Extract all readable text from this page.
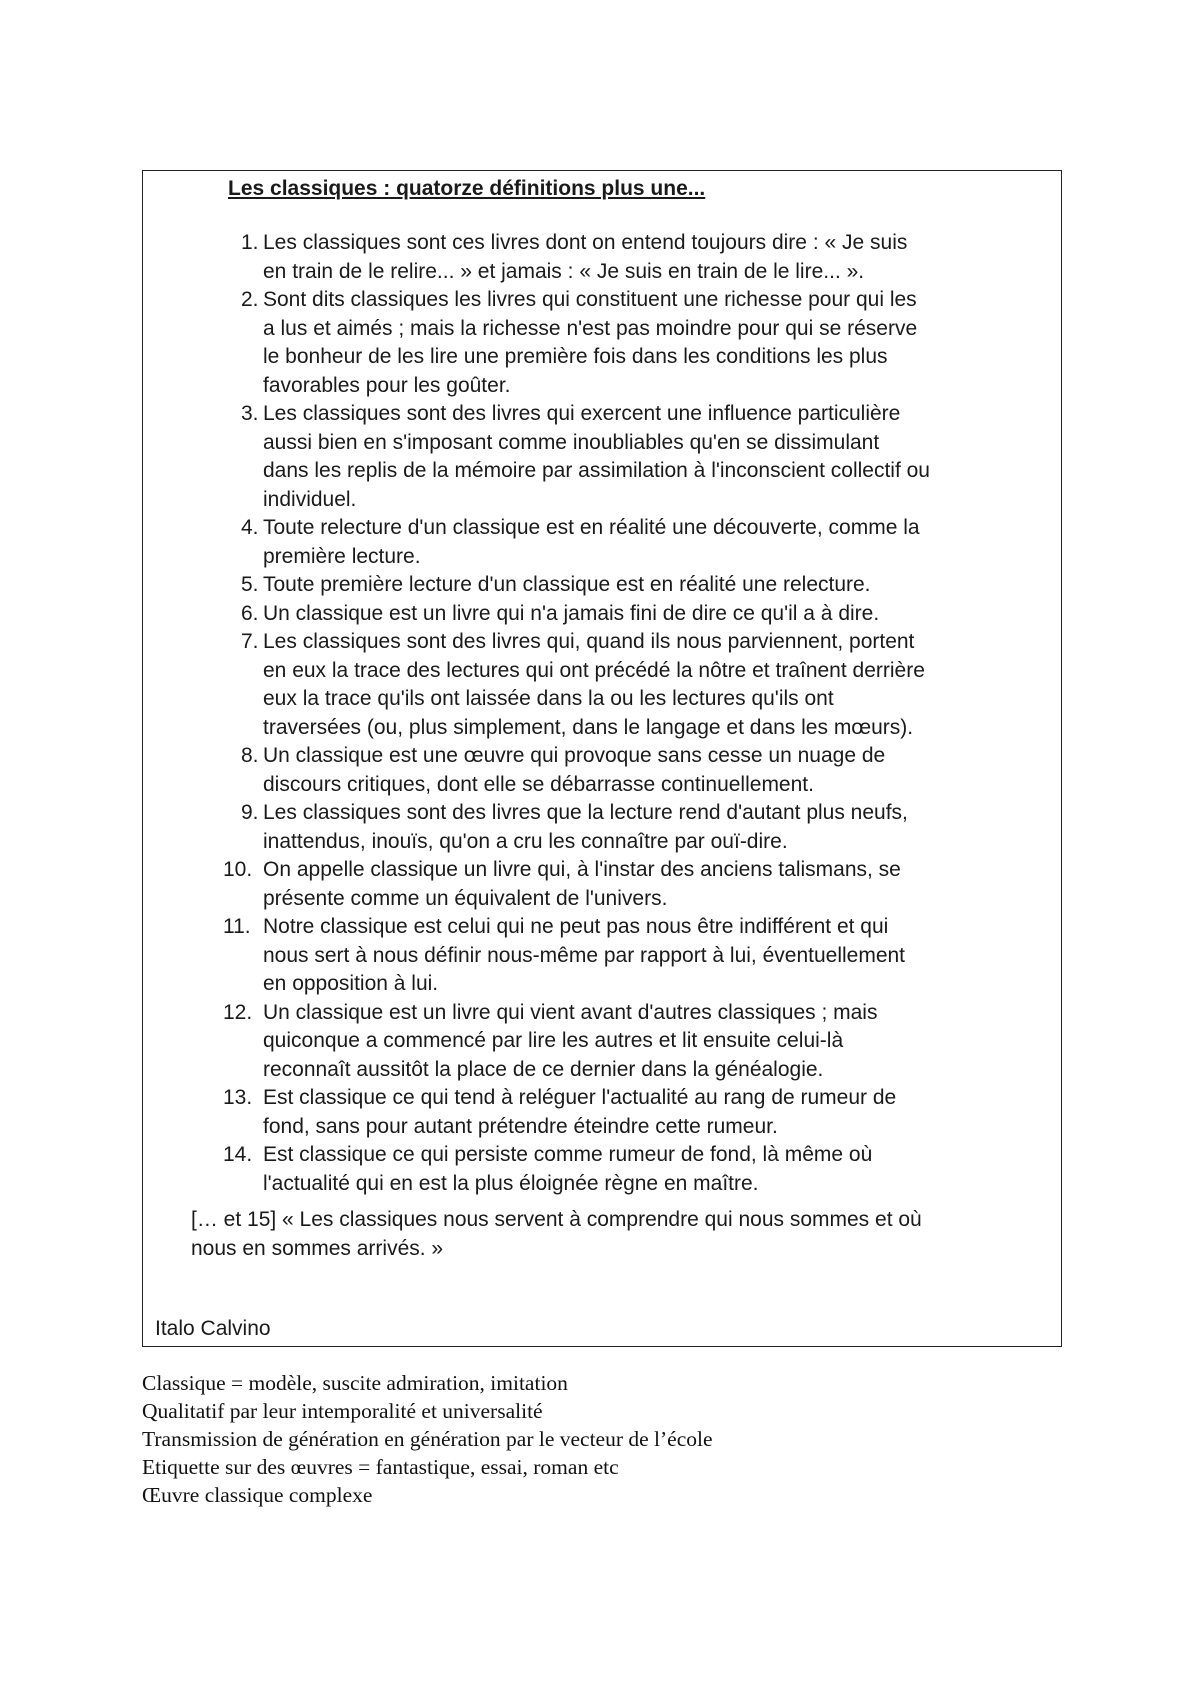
Les classiques : quatorze définitions plus une...
1. Les classiques sont ces livres dont on entend toujours dire : « Je suis
en train de le relire... » et jamais : « Je suis en train de le lire... ».
2. Sont dits classiques les livres qui constituent une richesse pour qui les
a lus et aimés ; mais la richesse n'est pas moindre pour qui se réserve
le bonheur de les lire une première fois dans les conditions les plus
favorables pour les goûter.
3. Les classiques sont des livres qui exercent une influence particulière
aussi bien en s'imposant comme inoubliables qu'en se dissimulant
dans les replis de la mémoire par assimilation à l'inconscient collectif ou
individuel.
4. Toute relecture d'un classique est en réalité une découverte, comme la
première lecture.
5. Toute première lecture d'un classique est en réalité une relecture.
6. Un classique est un livre qui n'a jamais fini de dire ce qu'il a à dire.
7. Les classiques sont des livres qui, quand ils nous parviennent, portent
en eux la trace des lectures qui ont précédé la nôtre et traînent derrière
eux la trace qu'ils ont laissée dans la ou les lectures qu'ils ont
traversées (ou, plus simplement, dans le langage et dans les mœurs).
8. Un classique est une œuvre qui provoque sans cesse un nuage de
discours critiques, dont elle se débarrasse continuellement.
9. Les classiques sont des livres que la lecture rend d'autant plus neufs,
inattendus, inouïs, qu'on a cru les connaître par ouï-dire.
10. On appelle classique un livre qui, à l'instar des anciens talismans, se
présente comme un équivalent de l'univers.
11. Notre classique est celui qui ne peut pas nous être indifférent et qui
nous sert à nous définir nous-même par rapport à lui, éventuellement
en opposition à lui.
12. Un classique est un livre qui vient avant d'autres classiques ; mais
quiconque a commencé par lire les autres et lit ensuite celui-là
reconnaît aussitôt la place de ce dernier dans la généalogie.
13. Est classique ce qui tend à reléguer l'actualité au rang de rumeur de
fond, sans pour autant prétendre éteindre cette rumeur.
14. Est classique ce qui persiste comme rumeur de fond, là même où
l'actualité qui en est la plus éloignée règne en maître.
[… et 15] « Les classiques nous servent à comprendre qui nous sommes et où
nous en sommes arrivés. »
Italo Calvino
Classique = modèle, suscite admiration, imitation
Qualitatif par leur intemporalité et universalité
Transmission de génération en génération par le vecteur de l’école
Etiquette sur des œuvres = fantastique, essai, roman etc
Œuvre classique complexe
